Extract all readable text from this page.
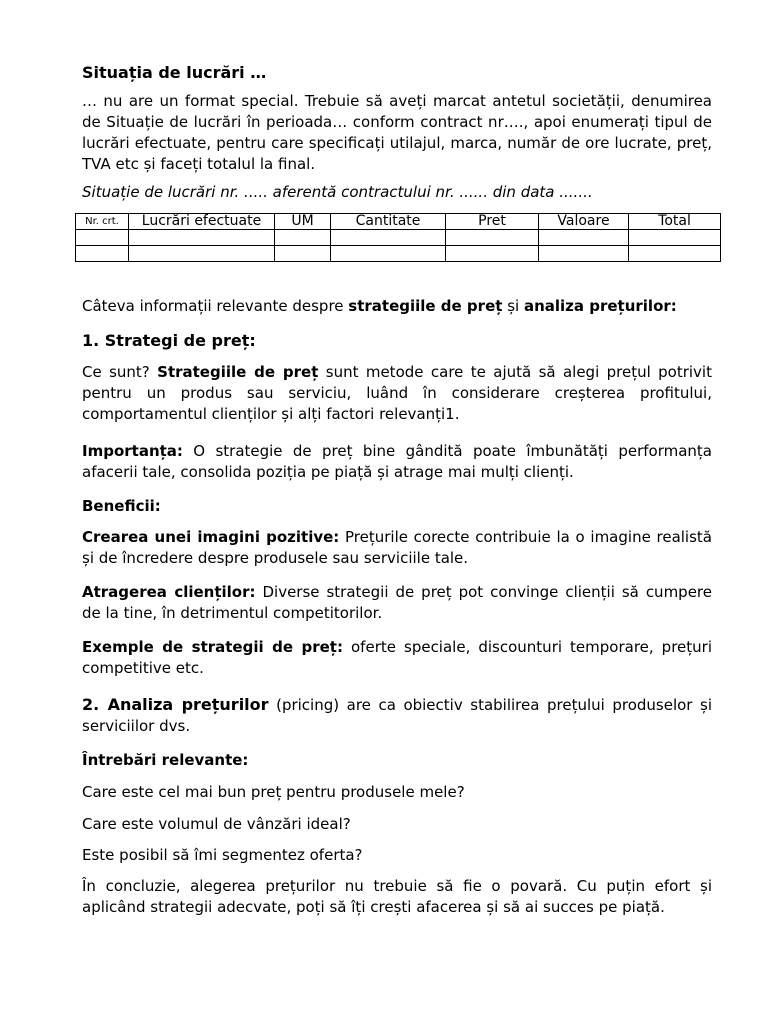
Situația de lucrări …

… nu are un format special. Trebuie să aveți marcat antetul societății, denumirea de Situație de lucrări în perioada… conform contract nr…., apoi enumerați tipul de lucrări efectuate, pentru care specificați utilajul, marca, număr de ore lucrate, preț, TVA etc și faceți totalul la final.

Situație de lucrări nr. ..... aferentă contractului nr. ...... din data .......

Câteva informații relevante despre strategiile de preț și analiza prețurilor:

1. Strategi de preț:

Ce sunt? Strategiile de preț sunt metode care te ajută să alegi prețul potrivit pentru un produs sau serviciu, luând în considerare creșterea profitului, comportamentul clienților și alți factori relevanți1.

Importanța: O strategie de preț bine gândită poate îmbunătăți performanța afacerii tale, consolida poziția pe piață și atrage mai mulți clienți.

Beneficii:

Crearea unei imagini pozitive: Prețurile corecte contribuie la o imagine realistă și de încredere despre produsele sau serviciile tale.

Atragerea clienților: Diverse strategii de preț pot convinge clienții să cumpere de la tine, în detrimentul competitorilor.

Exemple de strategii de preț: oferte speciale, discounturi temporare, prețuri competitive etc.

2. Analiza prețurilor (pricing) are ca obiectiv stabilirea prețului produselor și serviciilor dvs.

Întrebări relevante:

Care este cel mai bun preț pentru produsele mele?

Care este volumul de vânzări ideal?

Este posibil să îmi segmentez oferta?

În concluzie, alegerea prețurilor nu trebuie să fie o povară. Cu puțin efort și aplicând strategii adecvate, poți să îți crești afacerea și să ai succes pe piață.

Nr. crt.	Lucrări efectuate	UM	Cantitate	Pret	Valoare	Total
